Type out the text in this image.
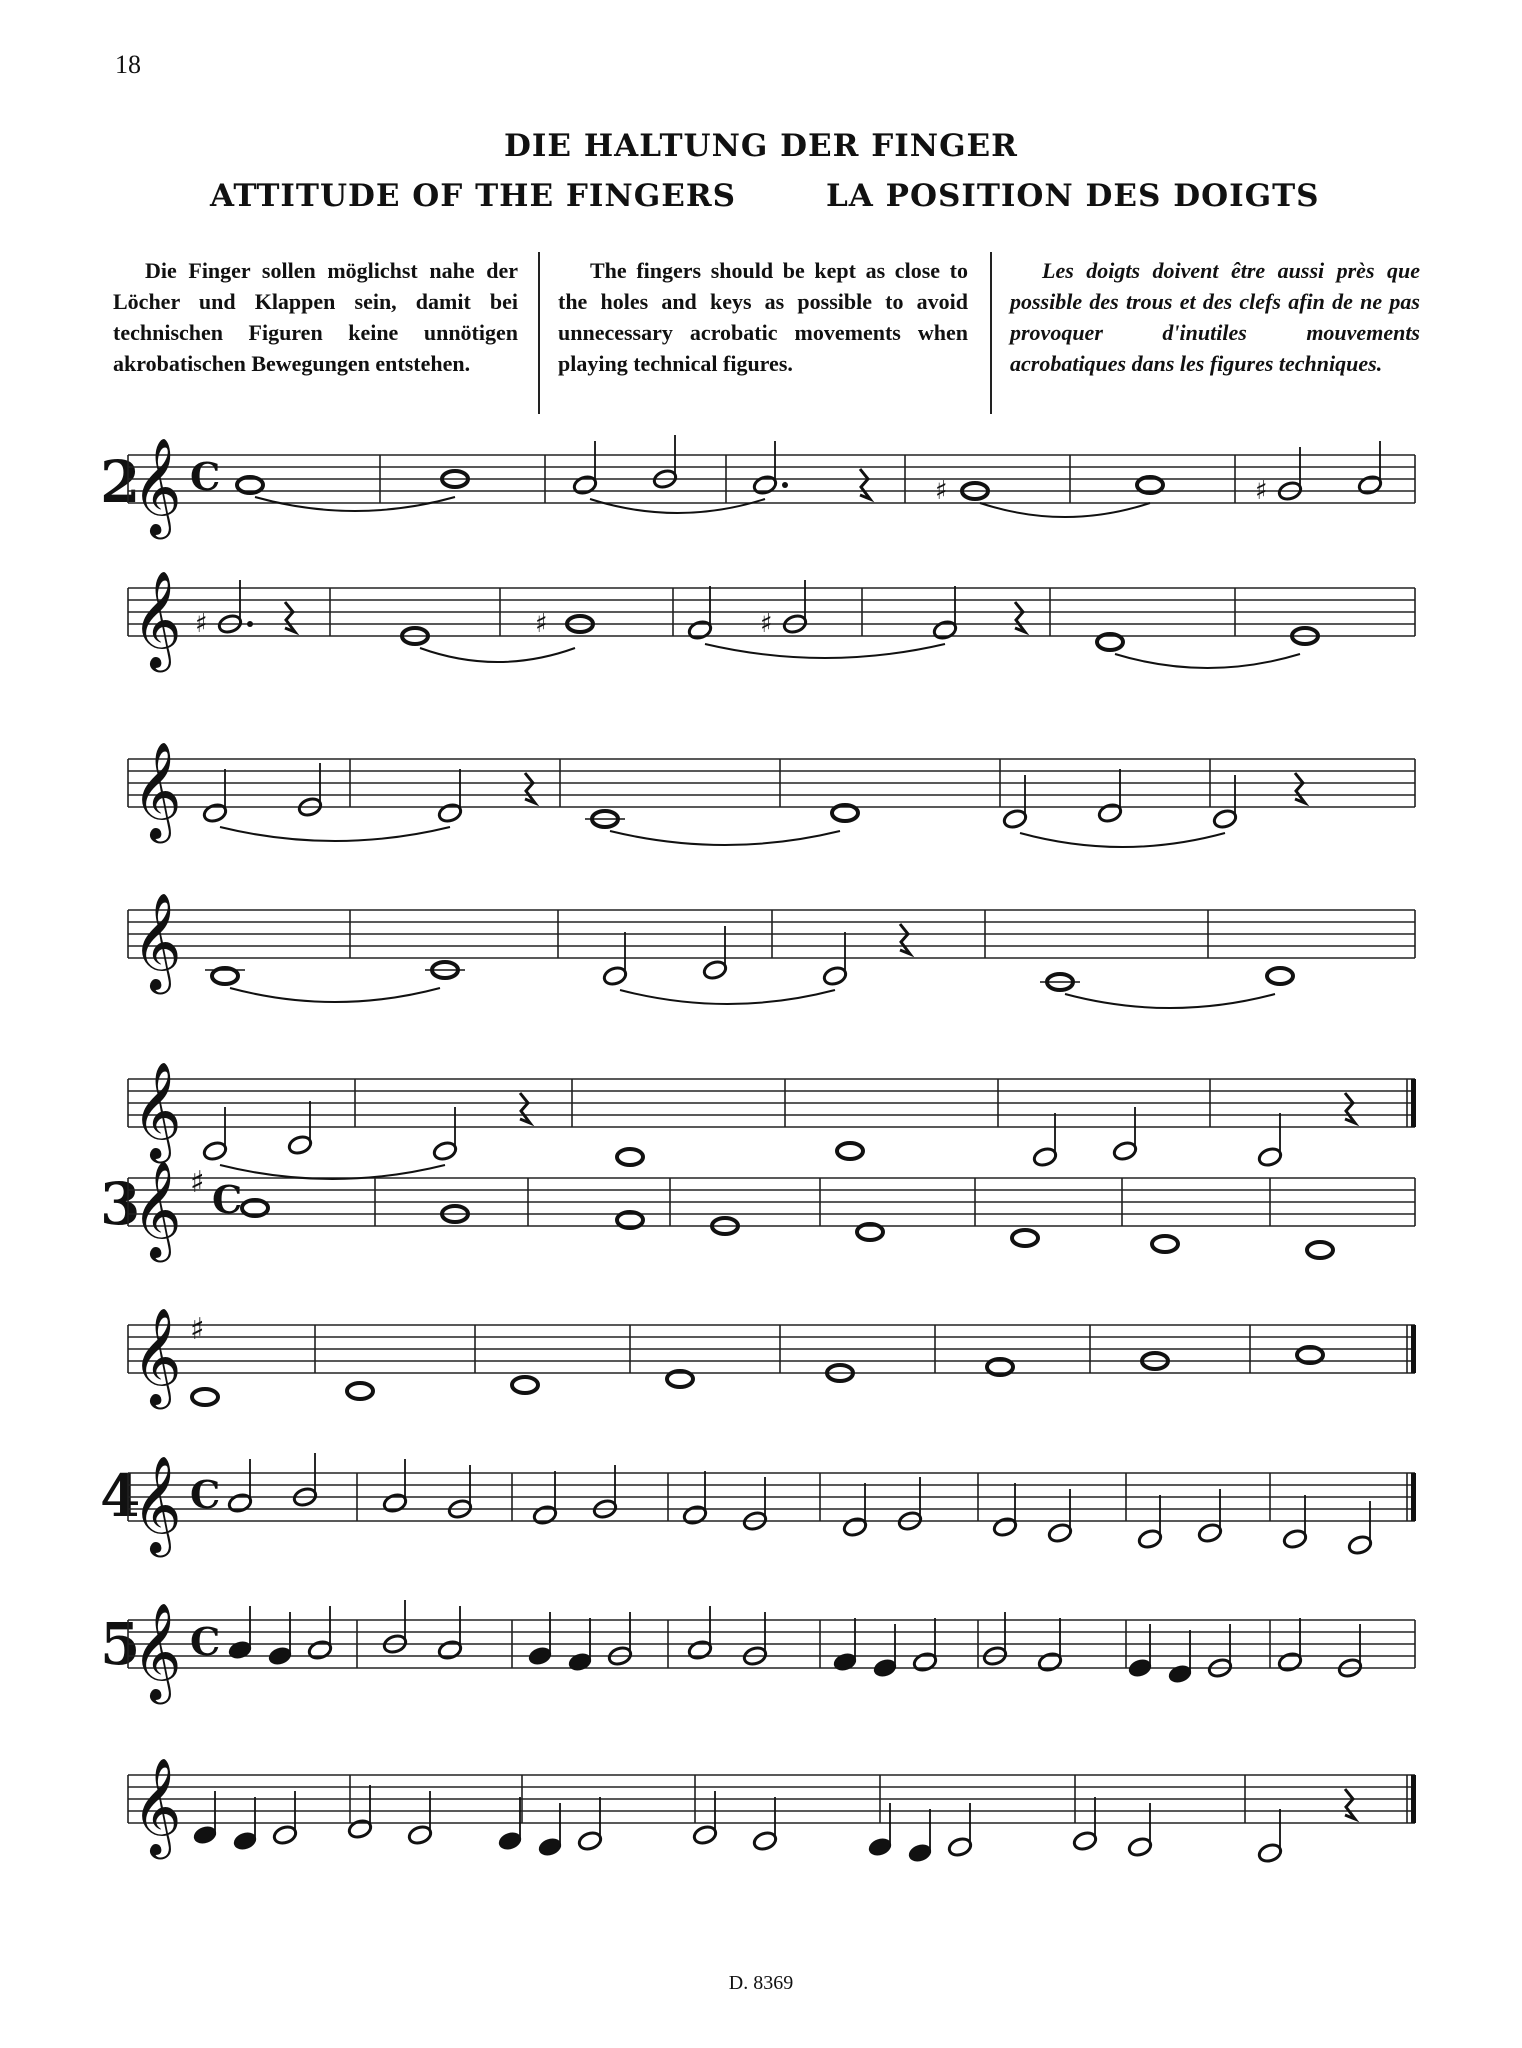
18
DIE HALTUNG DER FINGER
ATTITUDE OF THE FINGERS	LA POSITION DES DOIGTS

Die Finger sollen möglichst nahe der Löcher und Klappen sein, damit bei technischen Figuren keine unnötigen akrobatischen Bewegungen entstehen.

The fingers should be kept as close to the holes and keys as possible to avoid unnecessary acrobatic movements when playing technical figures.

Les doigts doivent être aussi près que possible des trous et des clefs afin de ne pas provoquer d'inutiles mouvements acrobatiques dans les figures techniques.

2
3
4
5
𝄞 C
𝄞
𝄞
𝄞
𝄞
𝄞 ♯ C
𝄞 ♯
𝄞 C
𝄞 C
𝄞
♯	♯
♯	♯	♯
D. 8369
